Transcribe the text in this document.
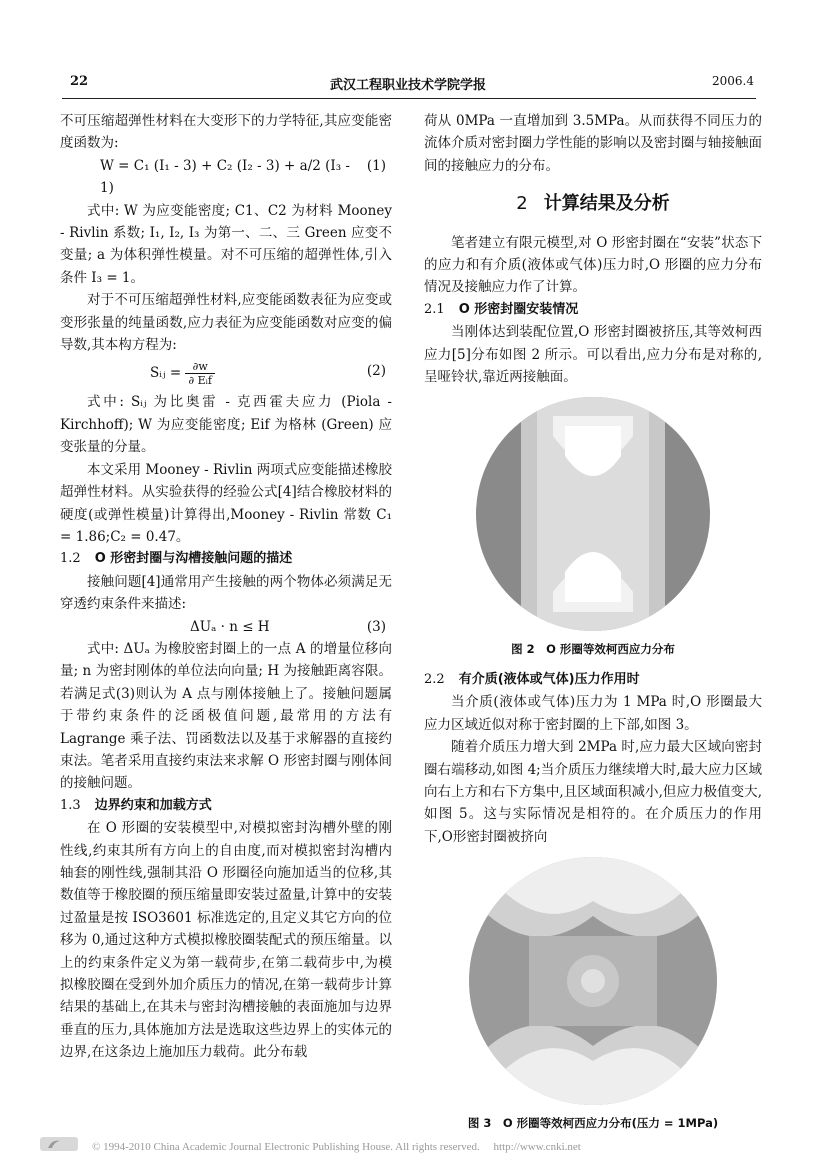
22	武汉工程职业技术学院学报	2006.4

不可压缩超弹性材料在大变形下的力学特征,其应变能密度函数为:

W = C₁ (I₁ - 3) + C₂ (I₂ - 3) + a/2 (I₃ - 1)
(1)

式中: W 为应变能密度; C1、C2 为材料 Mooney - Rivlin 系数; I₁, I₂, I₃ 为第一、二、三 Green 应变不变量; a 为体积弹性模量。对不可压缩的超弹性体,引入条件 I₃ = 1。

对于不可压缩超弹性材料,应变能函数表征为应变或变形张量的纯量函数,应力表征为应变能函数对应变的偏导数,其本构方程为:

Sᵢⱼ = $\frac{\partial w}{\text{∂ Eᵢf}}$	(2)

式中: Sᵢⱼ 为比奥雷 - 克西霍夫应力 (Piola - Kirchhoff); W 为应变能密度; Eif 为格林 (Green) 应变张量的分量。

本文采用 Mooney - Rivlin 两项式应变能描述橡胶超弹性材料。从实验获得的经验公式[4]结合橡胶材料的硬度(或弹性模量)计算得出,Mooney - Rivlin 常数 C₁ = 1.86;C₂ = 0.47。

1.2 O 形密封圈与沟槽接触问题的描述

接触问题[4]通常用产生接触的两个物体必须满足无穿透约束条件来描述:

ΔUₐ · n ≤ H	(3)

式中: ΔUₐ 为橡胶密封圈上的一点 A 的增量位移向量; n 为密封刚体的单位法向向量; H 为接触距离容限。若满足式(3)则认为 A 点与刚体接触上了。接触问题属于带约束条件的泛函极值问题,最常用的方法有 Lagrange 乘子法、罚函数法以及基于求解器的直接约束法。笔者采用直接约束法来求解 O 形密封圈与刚体间的接触问题。

1.3 边界约束和加载方式

在 O 形圈的安装模型中,对模拟密封沟槽外壁的刚性线,约束其所有方向上的自由度,而对模拟密封沟槽内轴套的刚性线,强制其沿 O 形圈径向施加适当的位移,其数值等于橡胶圈的预压缩量即安装过盈量,计算中的安装过盈量是按 ISO3601 标准选定的,且定义其它方向的位移为 0,通过这种方式模拟橡胶圈装配式的预压缩量。以上的约束条件定义为第一载荷步,在第二载荷步中,为模拟橡胶圈在受到外加介质压力的情况,在第一载荷步计算结果的基础上,在其未与密封沟槽接触的表面施加与边界垂直的压力,具体施加方法是选取这些边界上的实体元的边界,在这条边上施加压力载荷。此分布载

荷从 0MPa 一直增加到 3.5MPa。从而获得不同压力的流体介质对密封圈力学性能的影响以及密封圈与轴接触面间的接触应力的分布。

2 计算结果及分析

笔者建立有限元模型,对 O 形密封圈在“安装”状态下的应力和有介质(液体或气体)压力时,O 形圈的应力分布情况及接触应力作了计算。

2.1 O 形密封圈安装情况

当刚体达到装配位置,O 形密封圈被挤压,其等效柯西应力[5]分布如图 2 所示。可以看出,应力分布是对称的,呈哑铃状,靠近两接触面。

图 2　O 形圈等效柯西应力分布

2.2 有介质(液体或气体)压力作用时

当介质(液体或气体)压力为 1 MPa 时,O 形圈最大应力区域近似对称于密封圈的上下部,如图 3。

随着介质压力增大到 2MPa 时,应力最大区域向密封圈右端移动,如图 4;当介质压力继续增大时,最大应力区域向右上方和右下方集中,且区域面积减小,但应力极值变大,如图 5。这与实际情况是相符的。在介质压力的作用下,O形密封圈被挤向

图 3　O 形圈等效柯西应力分布(压力 = 1MPa)

© 1994-2010 China Academic Journal Electronic Publishing House. All rights reserved.　 http://www.cnki.net
